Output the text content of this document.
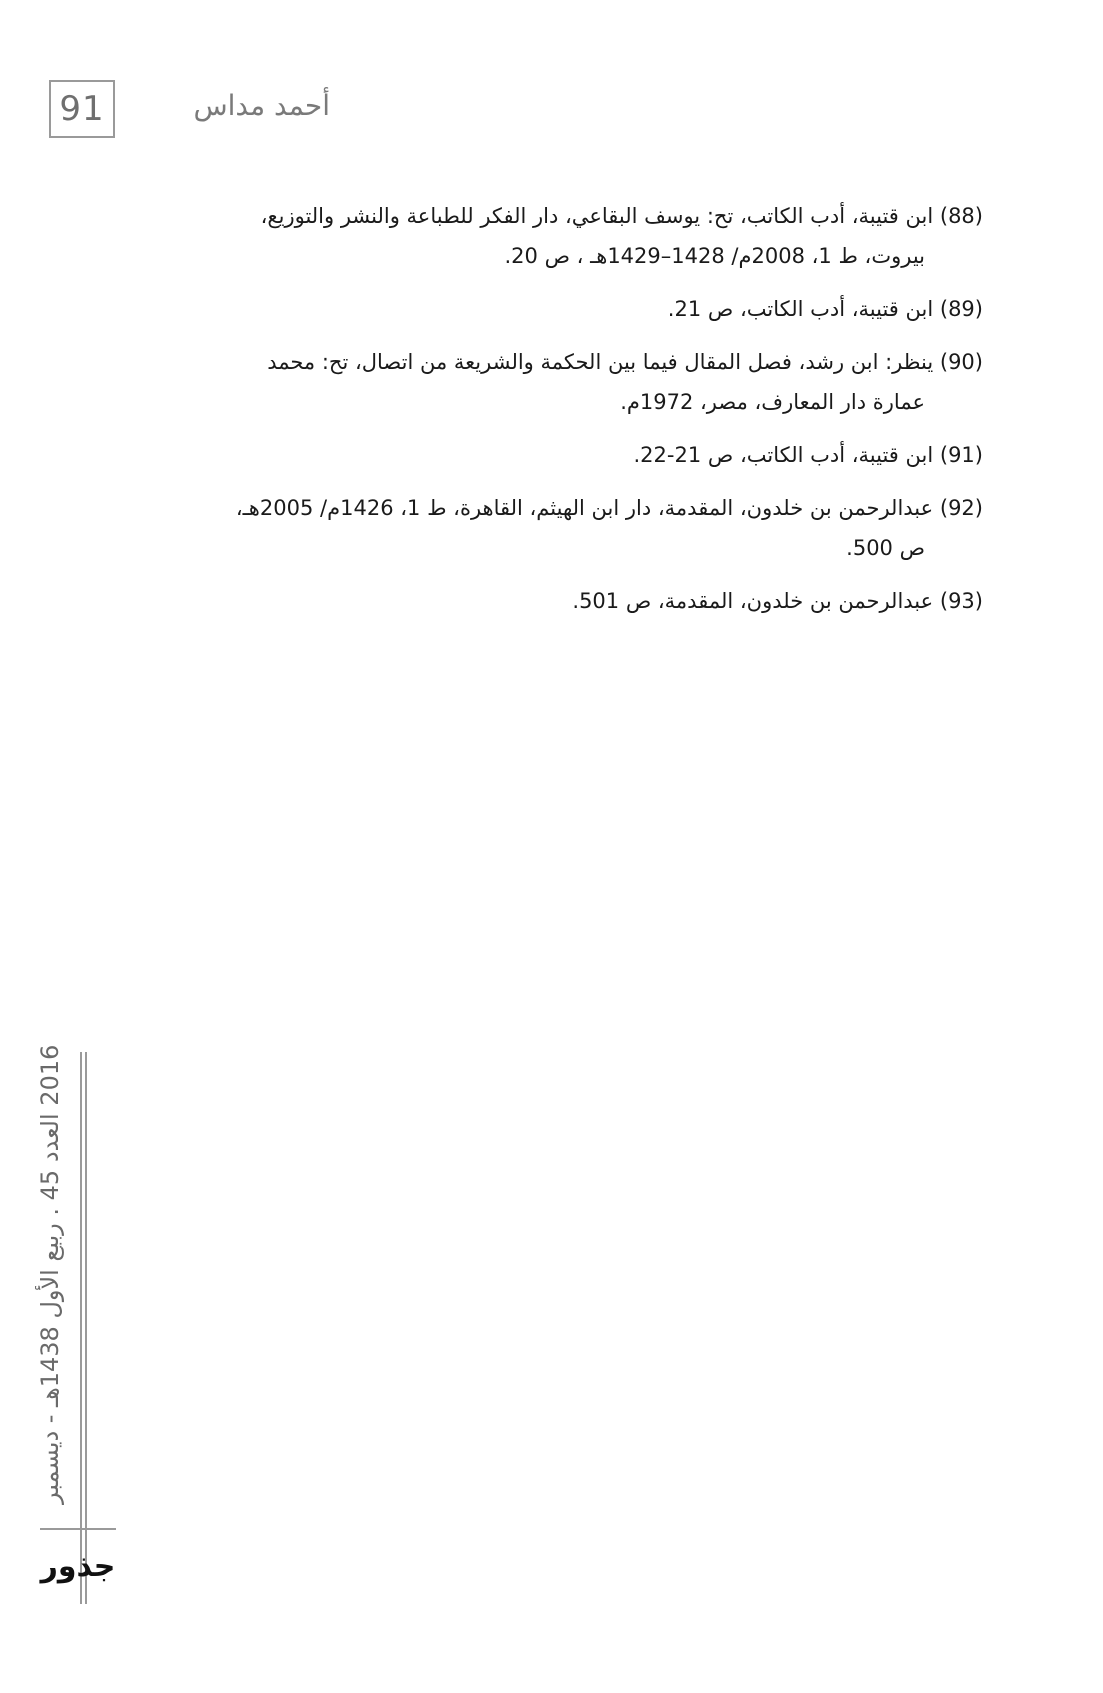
91	أحمد مداس

(88) ابن قتيبة، أدب الكاتب، تح: يوسف البقاعي، دار الفكر للطباعة والنشر والتوزيع،
بيروت، ط 1، 2008م/ 1428–1429هـ ، ص 20.

(89) ابن قتيبة، أدب الكاتب، ص 21.

(90) ينظر: ابن رشد، فصل المقال فيما بين الحكمة والشريعة من اتصال، تح: محمد
عمارة دار المعارف، مصر، 1972م.

(91) ابن قتيبة، أدب الكاتب، ص 21-22.

(92) عبدالرحمن بن خلدون، المقدمة، دار ابن الهيثم، القاهرة، ط 1، 1426م/ 2005هـ،
ص 500.

(93) عبدالرحمن بن خلدون، المقدمة، ص 501.

2016 العدد 45 . ربيع الأول 1438هـ - ديسمبر
جذور
